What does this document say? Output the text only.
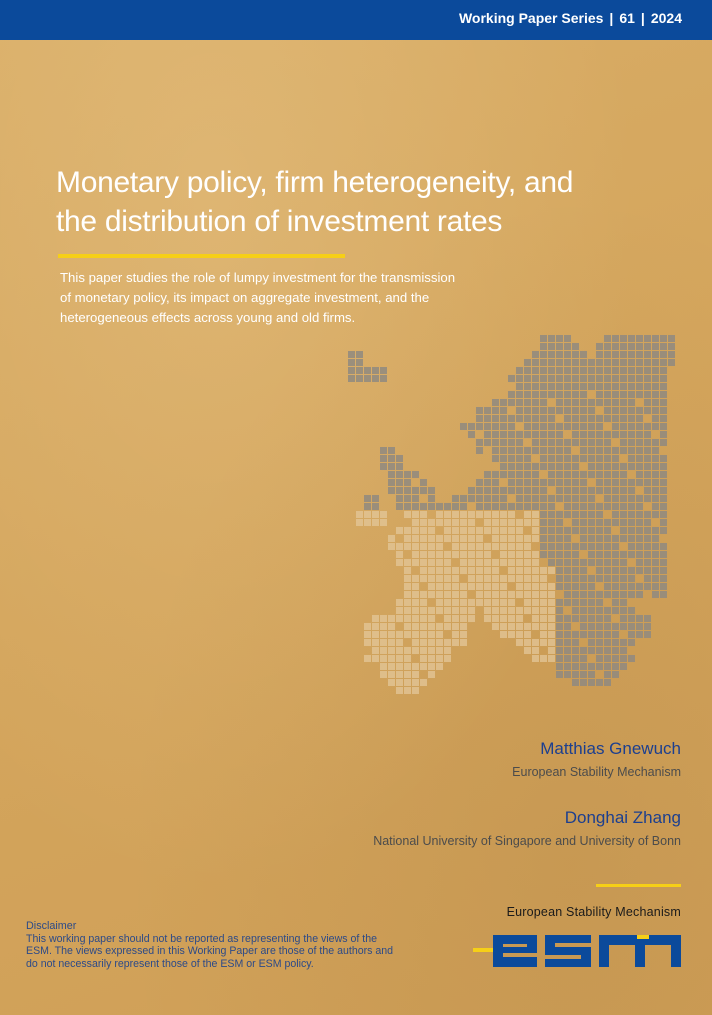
Working Paper Series | 61 | 2024
Monetary policy, firm heterogeneity, and
the distribution of investment rates
This paper studies the role of lumpy investment for the transmission
of monetary policy, its impact on aggregate investment, and the
heterogeneous effects across young and old firms.
Matthias Gnewuch
European Stability Mechanism
Donghai Zhang
National University of Singapore and University of Bonn
European Stability Mechanism
Disclaimer
This working paper should not be reported as representing the views of the
ESM. The views expressed in this Working Paper are those of the authors and
do not necessarily represent those of the ESM or ESM policy.
